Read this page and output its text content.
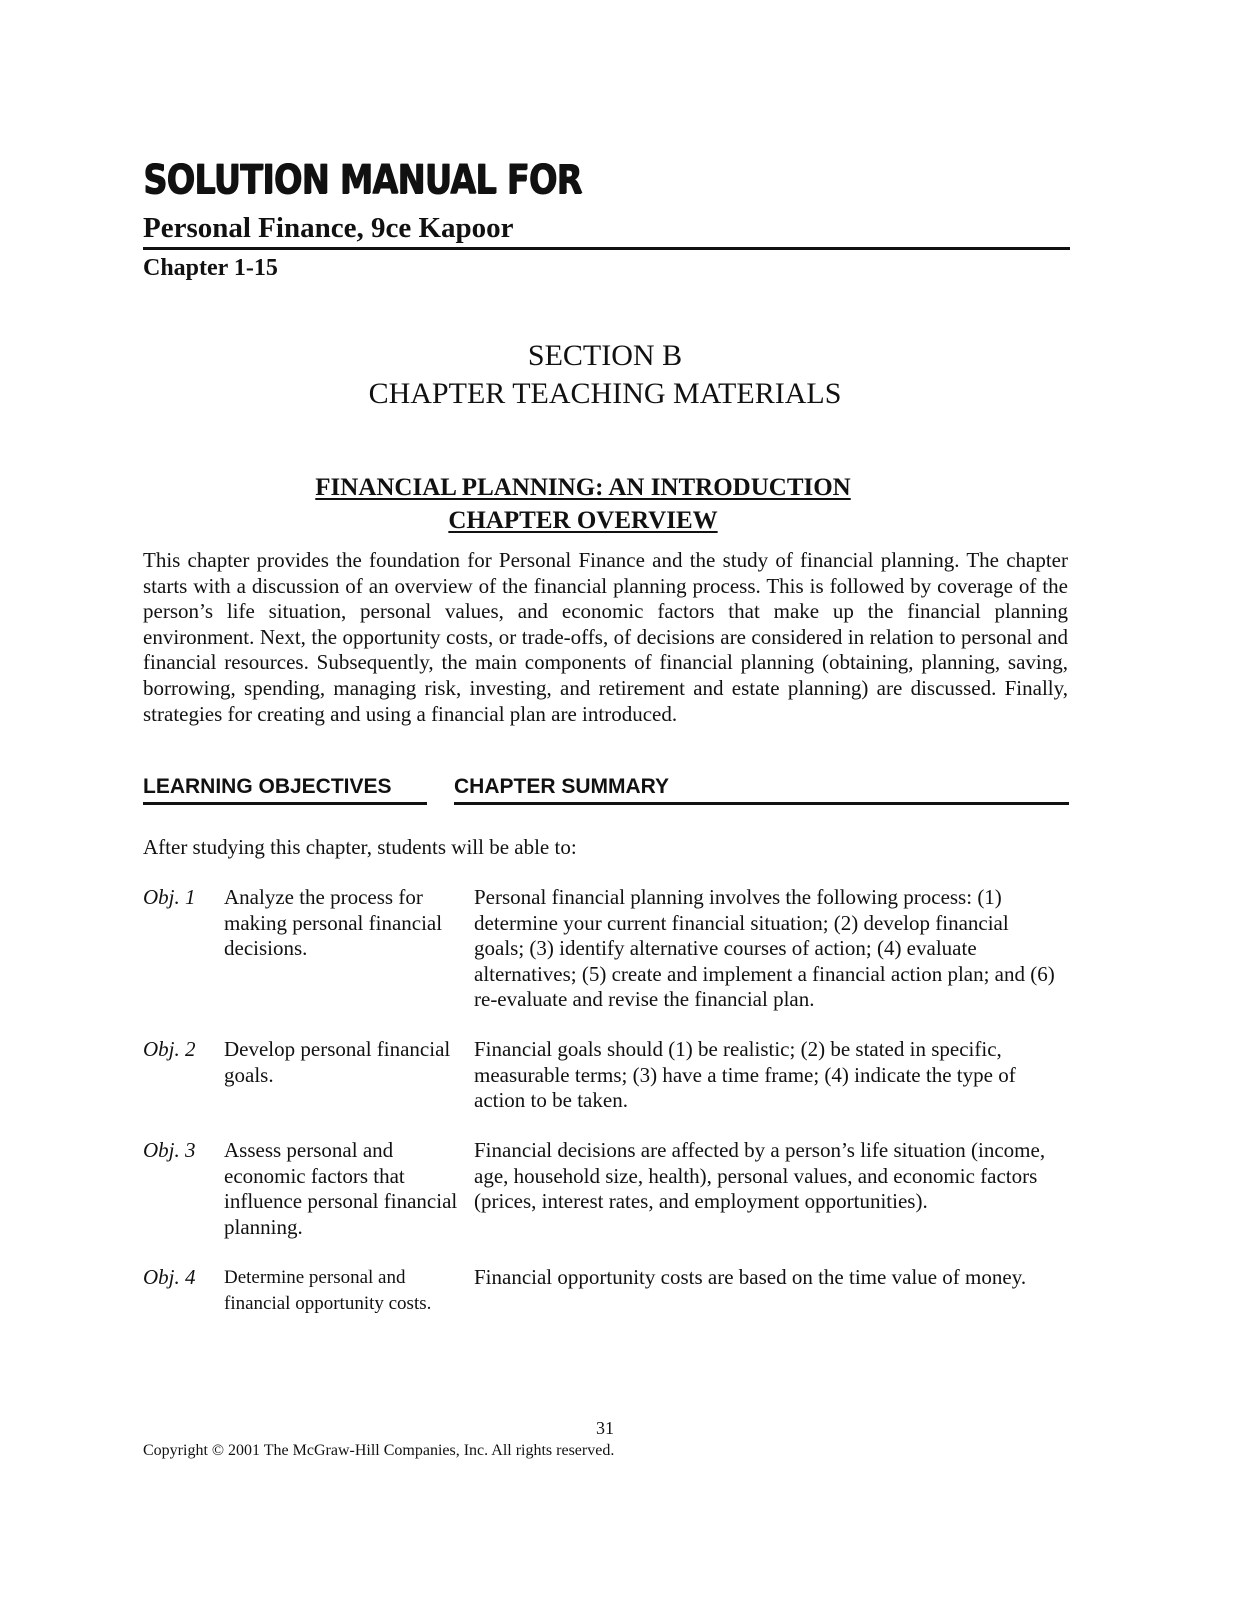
SOLUTION MANUAL FOR
Personal Finance, 9ce Kapoor
Chapter 1-15
SECTION B
CHAPTER TEACHING MATERIALS
FINANCIAL PLANNING: AN INTRODUCTION
CHAPTER OVERVIEW

This chapter provides the foundation for Personal Finance and the study of financial planning. The chapter starts with a discussion of an overview of the financial planning process. This is followed by coverage of the person’s life situation, personal values, and economic factors that make up the financial planning environment. Next, the opportunity costs, or trade-offs, of decisions are considered in relation to personal and financial resources. Subsequently, the main components of financial planning (obtaining, planning, saving, borrowing, spending, managing risk, investing, and retirement and estate planning) are discussed. Finally, strategies for creating and using a financial plan are introduced.

LEARNING OBJECTIVES	CHAPTER SUMMARY
After studying this chapter, students will be able to:
Obj. 1 Analyze the process for making personal financial decisions.
Personal financial planning involves the following process: (1) determine your current financial situation; (2) develop financial goals; (3) identify alternative courses of action; (4) evaluate alternatives; (5) create and implement a financial action plan; and (6) re-evaluate and revise the financial plan.
Obj. 2 Develop personal financial goals.
Financial goals should (1) be realistic; (2) be stated in specific, measurable terms; (3) have a time frame; (4) indicate the type of action to be taken.
Obj. 3 Assess personal and economic factors that influence personal financial planning.
Financial decisions are affected by a person’s life situation (income, age, household size, health), personal values, and economic factors (prices, interest rates, and employment opportunities).
Obj. 4 Determine personal and financial opportunity costs.
Financial opportunity costs are based on the time value of money.
31
Copyright © 2001 The McGraw-Hill Companies, Inc. All rights reserved.
